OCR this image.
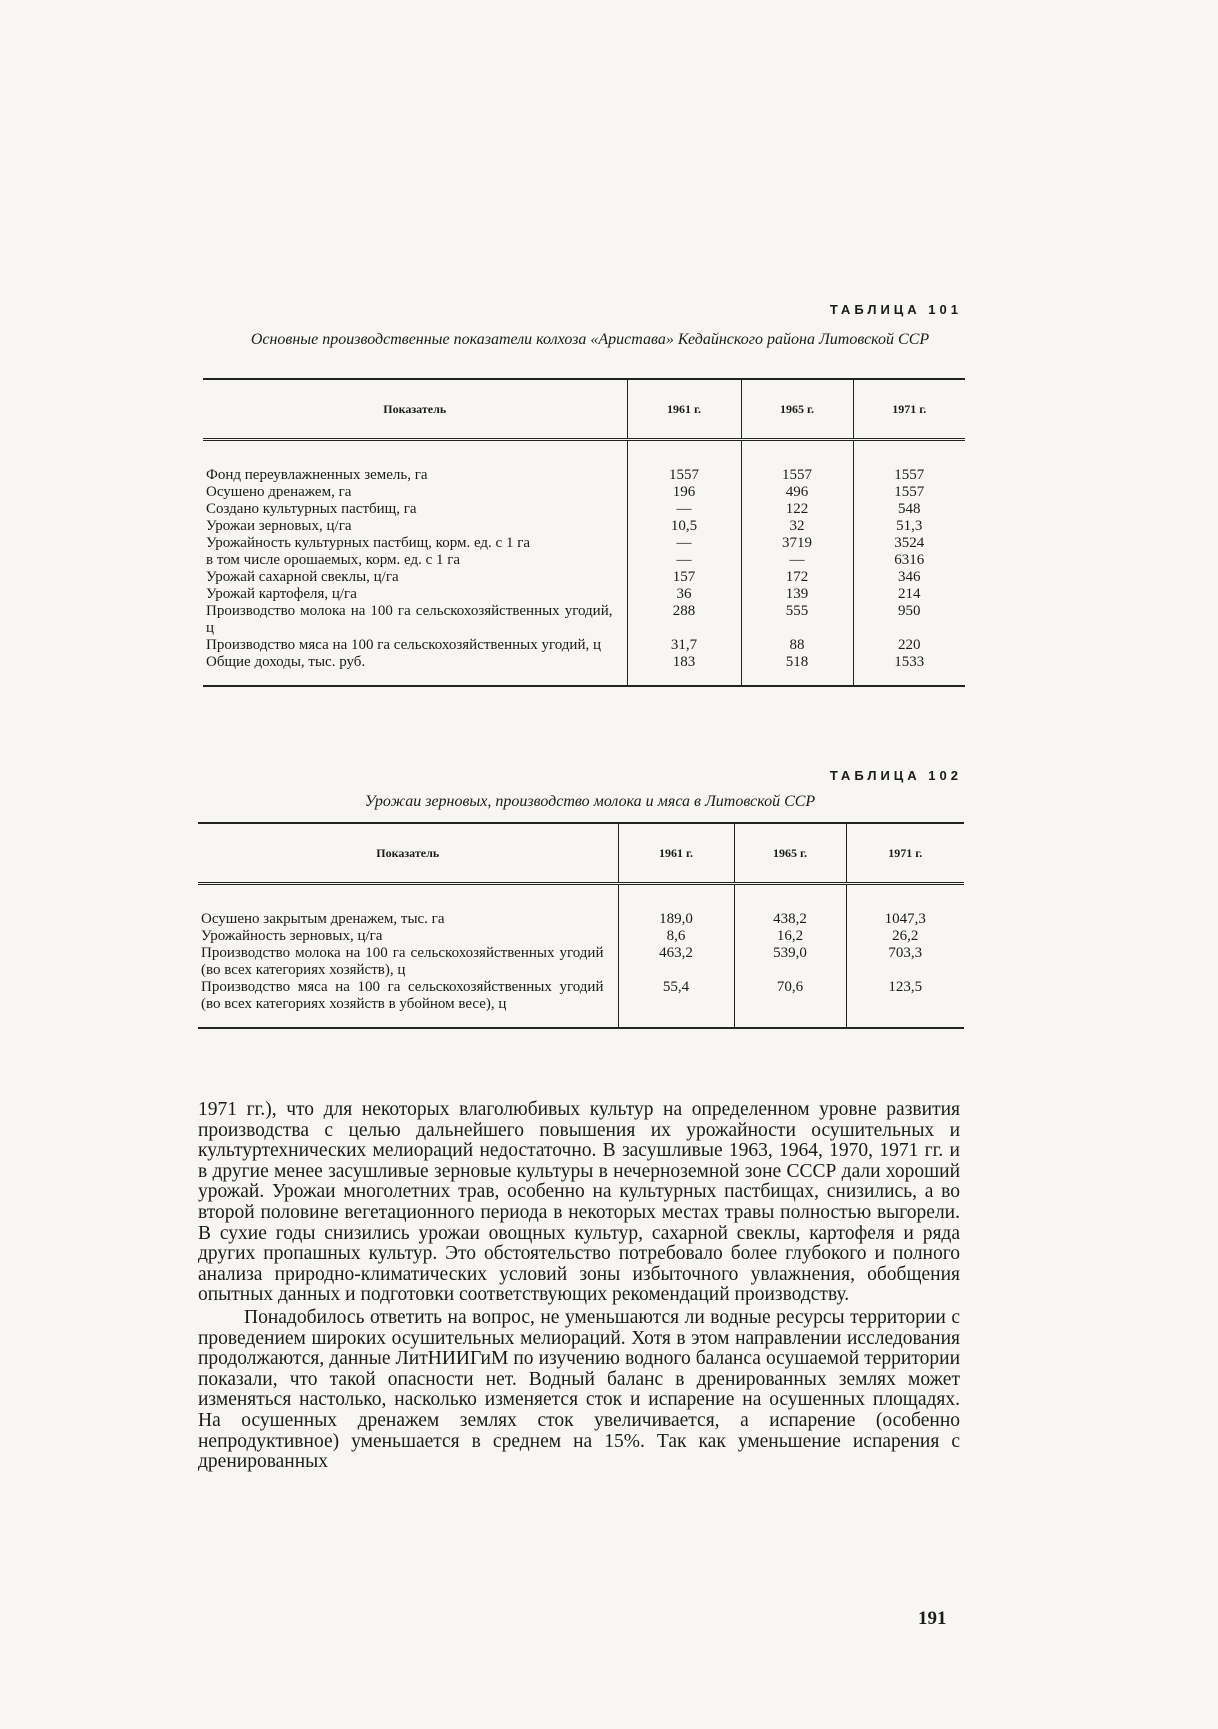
ТАБЛИЦА 101
Основные производственные показатели колхоза «Аристава» Кедайнского района Литовской ССР
Показатель	1961 г.	1965 г.	1971 г.

Фонд переувлажненных земель, га	1557	1557	1557

Осушено дренажем, га	196	496	1557

Создано культурных пастбищ, га	—	122	548

Урожаи зерновых, ц/га	10,5	32	51,3

Урожайность культурных пастбищ, корм. ед. с 1 га	—	3719	3524

в том числе орошаемых, корм. ед. с 1 га	—	—	6316

Урожай сахарной свеклы, ц/га	157	172	346

Урожай картофеля, ц/га	36	139	214

Производство молока на 100 га сельскохозяйственных угодий, ц	288	555	950

Производство мяса на 100 га сельскохозяйственных угодий, ц	31,7	88	220

Общие доходы, тыс. руб.	183	518	1533
ТАБЛИЦА 102
Урожаи зерновых, производство молока и мяса в Литовской ССР
Показатель	1961 г.	1965 г.	1971 г.

Осушено закрытым дренажем, тыс. га	189,0	438,2	1047,3

Урожайность зерновых, ц/га	8,6	16,2	26,2

Производство молока на 100 га сельскохозяйственных угодий (во всех категориях хозяйств), ц	463,2	539,0	703,3

Производство мяса на 100 га сельскохозяйственных угодий (во всех категориях хозяйств в убойном весе), ц	55,4	70,6	123,5

1971 гг.), что для некоторых влаголюбивых культур на определенном уровне развития производства с целью дальнейшего повышения их урожайности осушительных и культуртехнических мелиораций недостаточно. В засушливые 1963, 1964, 1970, 1971 гг. и в другие менее засушливые зерновые культуры в нечерноземной зоне СССР дали хороший урожай. Урожаи многолетних трав, особенно на культурных пастбищах, снизились, а во второй половине вегетационного периода в некоторых местах травы полностью выгорели. В сухие годы снизились урожаи овощных культур, сахарной свеклы, картофеля и ряда других пропашных культур. Это обстоятельство потребовало более глубокого и полного анализа природно-климатических условий зоны избыточного увлажнения, обобщения опытных данных и подготовки соответствующих рекомендаций производству.

Понадобилось ответить на вопрос, не уменьшаются ли водные ресурсы территории с проведением широких осушительных мелиораций. Хотя в этом направлении исследования продолжаются, данные ЛитНИИГиМ по изучению водного баланса осушаемой территории показали, что такой опасности нет. Водный баланс в дренированных землях может изменяться настолько, насколько изменяется сток и испарение на осушенных площадях. На осушенных дренажем землях сток увеличивается, а испарение (особенно непродуктивное) уменьшается в среднем на 15%. Так как уменьшение испарения с дренированных

191
